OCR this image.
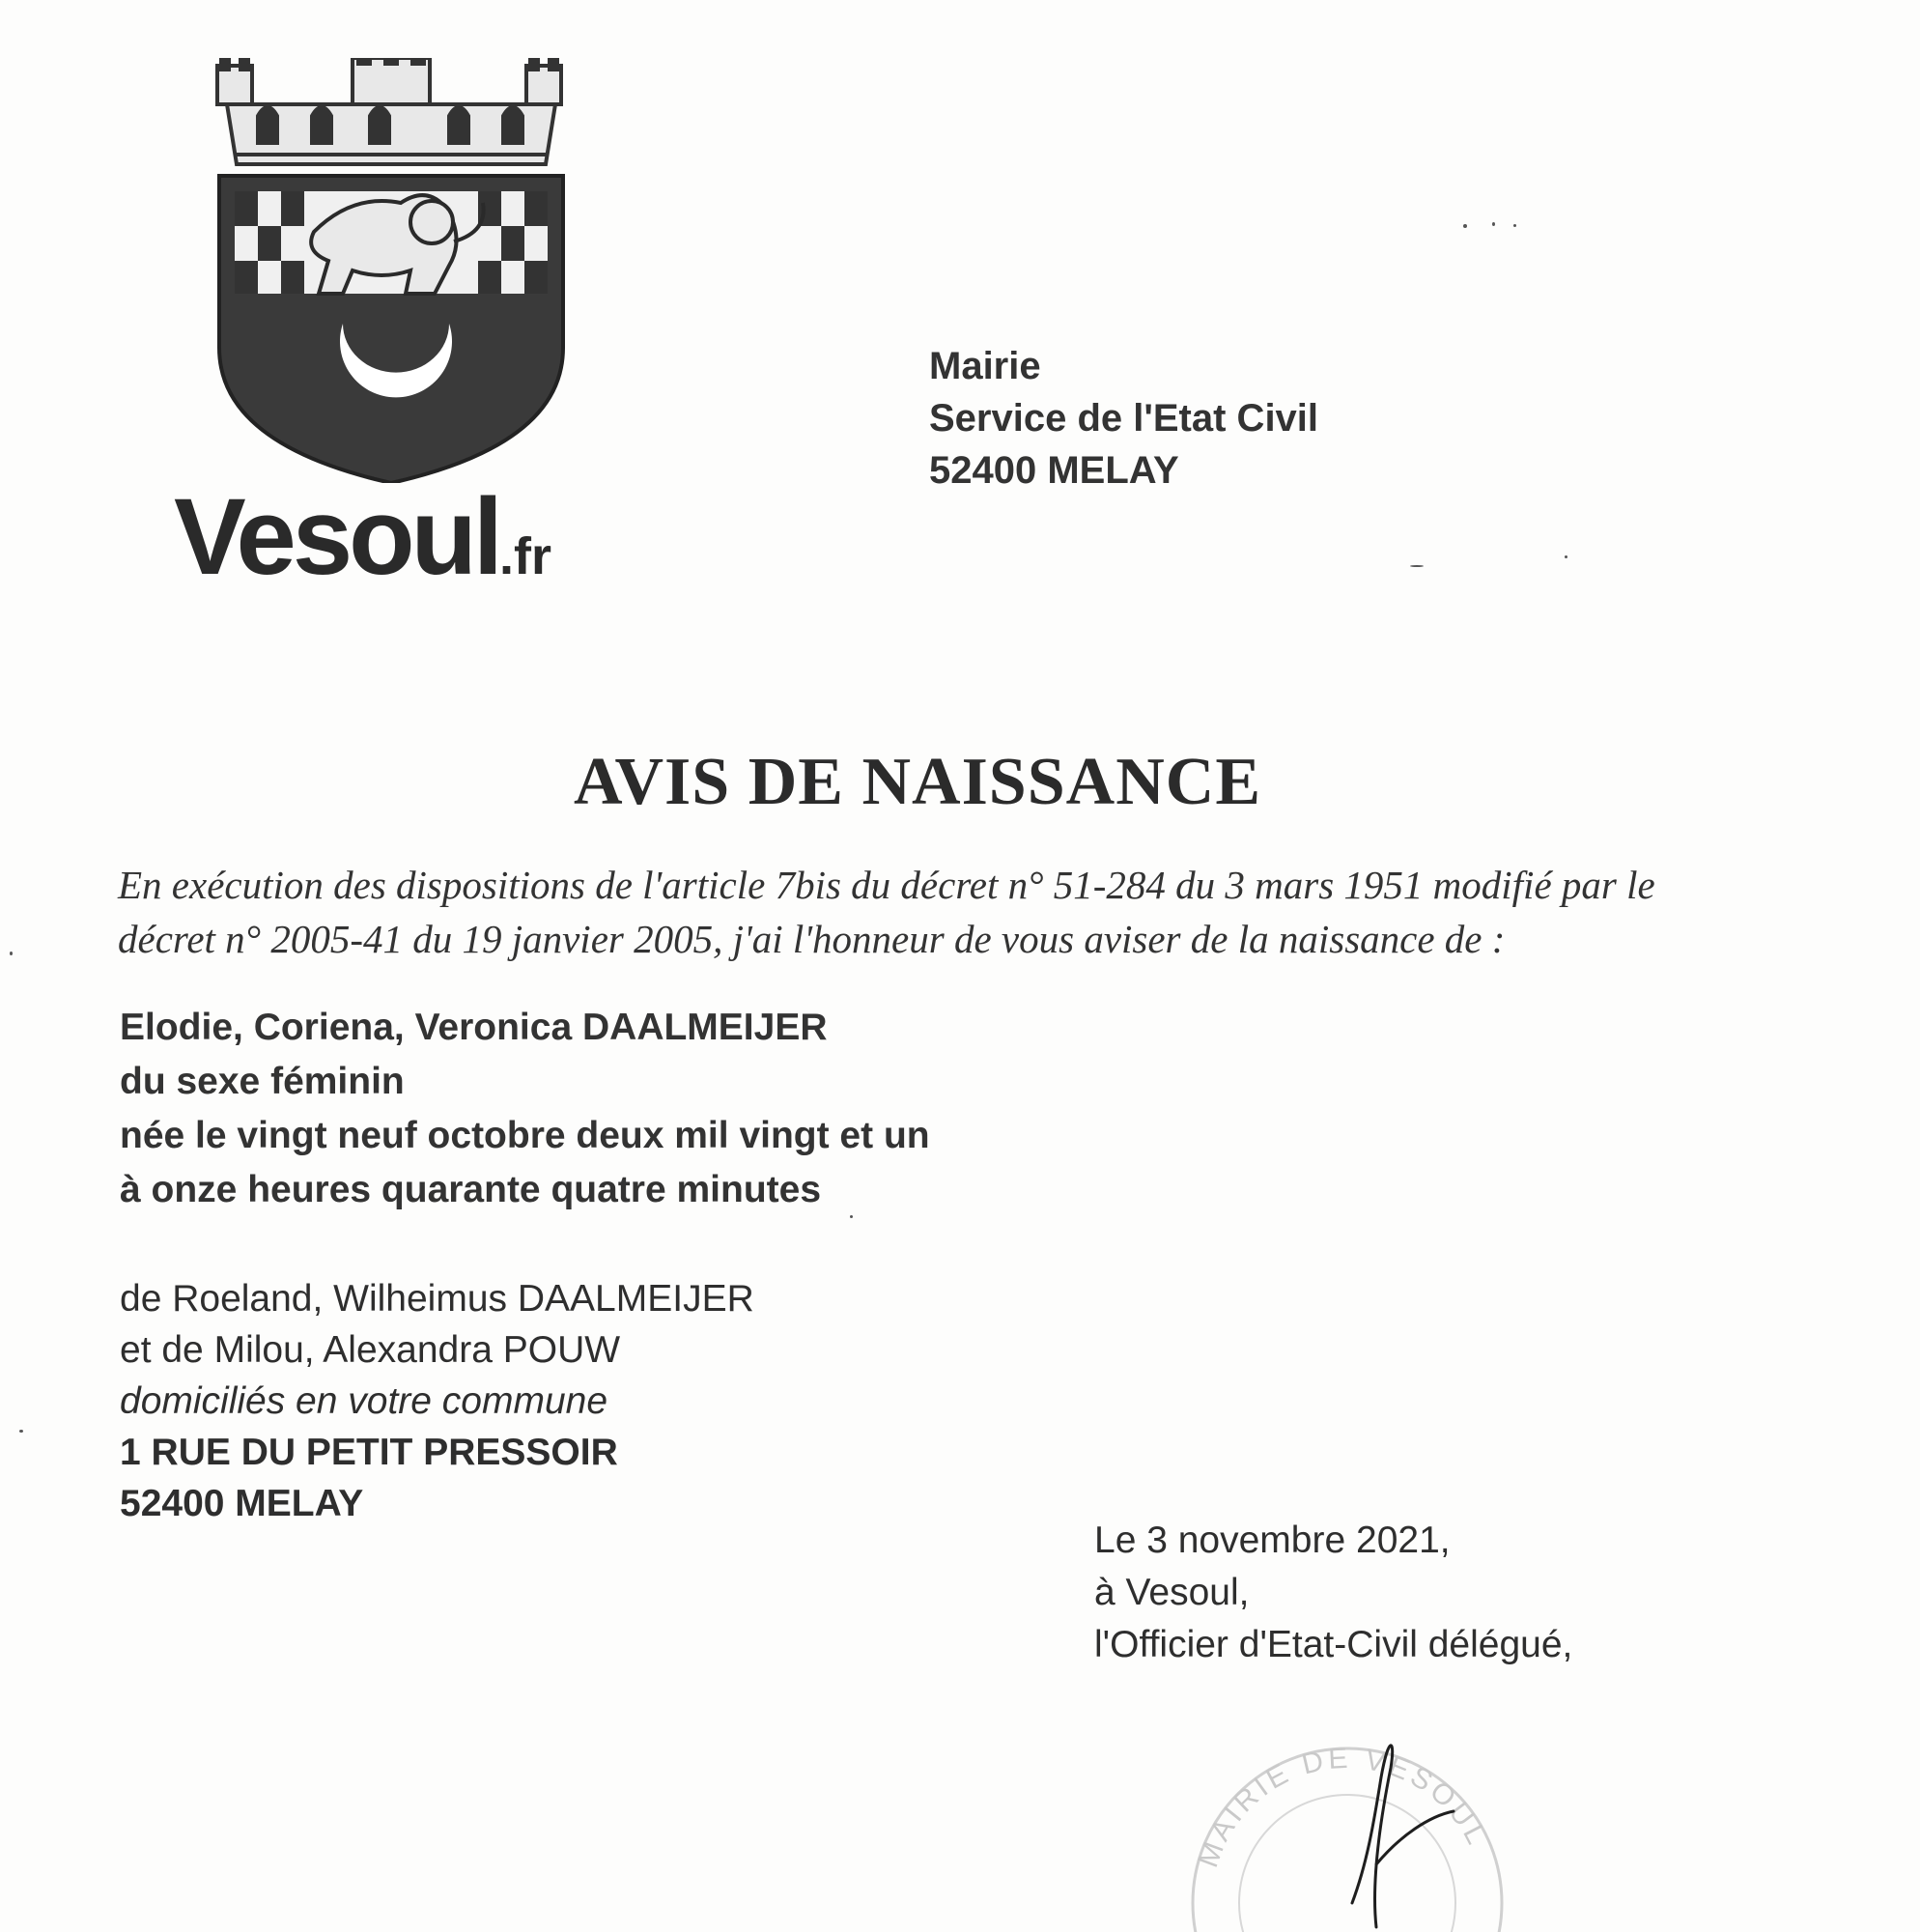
Vesoul.fr
Mairie
Service de l'Etat Civil
52400 MELAY
AVIS DE NAISSANCE
En exécution des dispositions de l'article 7bis du décret n° 51-284 du 3 mars 1951 modifié par le
décret n° 2005-41 du 19 janvier 2005, j'ai l'honneur de vous aviser de la naissance de :
Elodie, Coriena, Veronica DAALMEIJER
du sexe féminin
née le vingt neuf octobre deux mil vingt et un
à onze heures quarante quatre minutes
de Roeland, Wilheimus DAALMEIJER
et de Milou, Alexandra POUW
domiciliés en votre commune
1 RUE DU PETIT PRESSOIR
52400 MELAY
Le 3 novembre 2021,
à Vesoul,
l'Officier d'Etat-Civil délégué,
MAIRIE DE VESOUL
